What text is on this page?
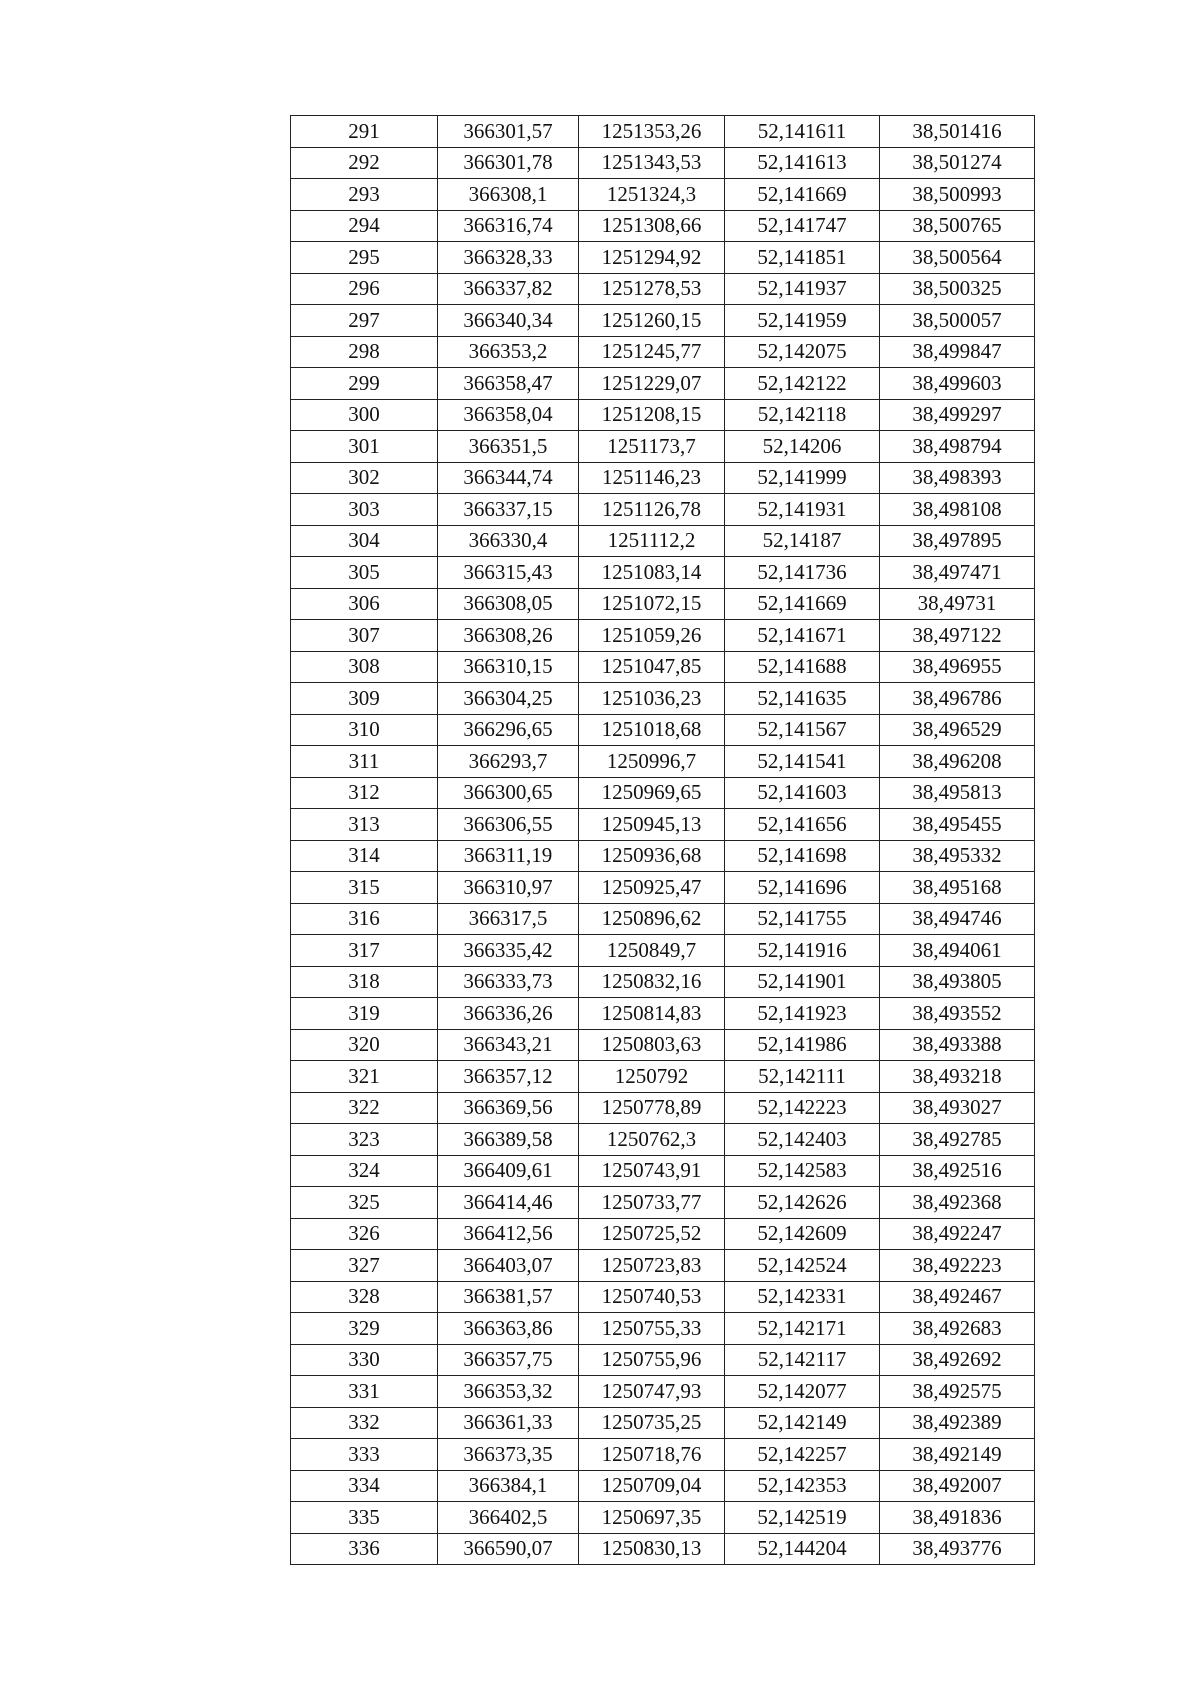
291	366301,57	1251353,26	52,141611	38,501416
292	366301,78	1251343,53	52,141613	38,501274
293	366308,1	1251324,3	52,141669	38,500993
294	366316,74	1251308,66	52,141747	38,500765
295	366328,33	1251294,92	52,141851	38,500564
296	366337,82	1251278,53	52,141937	38,500325
297	366340,34	1251260,15	52,141959	38,500057
298	366353,2	1251245,77	52,142075	38,499847
299	366358,47	1251229,07	52,142122	38,499603
300	366358,04	1251208,15	52,142118	38,499297
301	366351,5	1251173,7	52,14206	38,498794
302	366344,74	1251146,23	52,141999	38,498393
303	366337,15	1251126,78	52,141931	38,498108
304	366330,4	1251112,2	52,14187	38,497895
305	366315,43	1251083,14	52,141736	38,497471
306	366308,05	1251072,15	52,141669	38,49731
307	366308,26	1251059,26	52,141671	38,497122
308	366310,15	1251047,85	52,141688	38,496955
309	366304,25	1251036,23	52,141635	38,496786
310	366296,65	1251018,68	52,141567	38,496529
311	366293,7	1250996,7	52,141541	38,496208
312	366300,65	1250969,65	52,141603	38,495813
313	366306,55	1250945,13	52,141656	38,495455
314	366311,19	1250936,68	52,141698	38,495332
315	366310,97	1250925,47	52,141696	38,495168
316	366317,5	1250896,62	52,141755	38,494746
317	366335,42	1250849,7	52,141916	38,494061
318	366333,73	1250832,16	52,141901	38,493805
319	366336,26	1250814,83	52,141923	38,493552
320	366343,21	1250803,63	52,141986	38,493388
321	366357,12	1250792	52,142111	38,493218
322	366369,56	1250778,89	52,142223	38,493027
323	366389,58	1250762,3	52,142403	38,492785
324	366409,61	1250743,91	52,142583	38,492516
325	366414,46	1250733,77	52,142626	38,492368
326	366412,56	1250725,52	52,142609	38,492247
327	366403,07	1250723,83	52,142524	38,492223
328	366381,57	1250740,53	52,142331	38,492467
329	366363,86	1250755,33	52,142171	38,492683
330	366357,75	1250755,96	52,142117	38,492692
331	366353,32	1250747,93	52,142077	38,492575
332	366361,33	1250735,25	52,142149	38,492389
333	366373,35	1250718,76	52,142257	38,492149
334	366384,1	1250709,04	52,142353	38,492007
335	366402,5	1250697,35	52,142519	38,491836
336	366590,07	1250830,13	52,144204	38,493776
